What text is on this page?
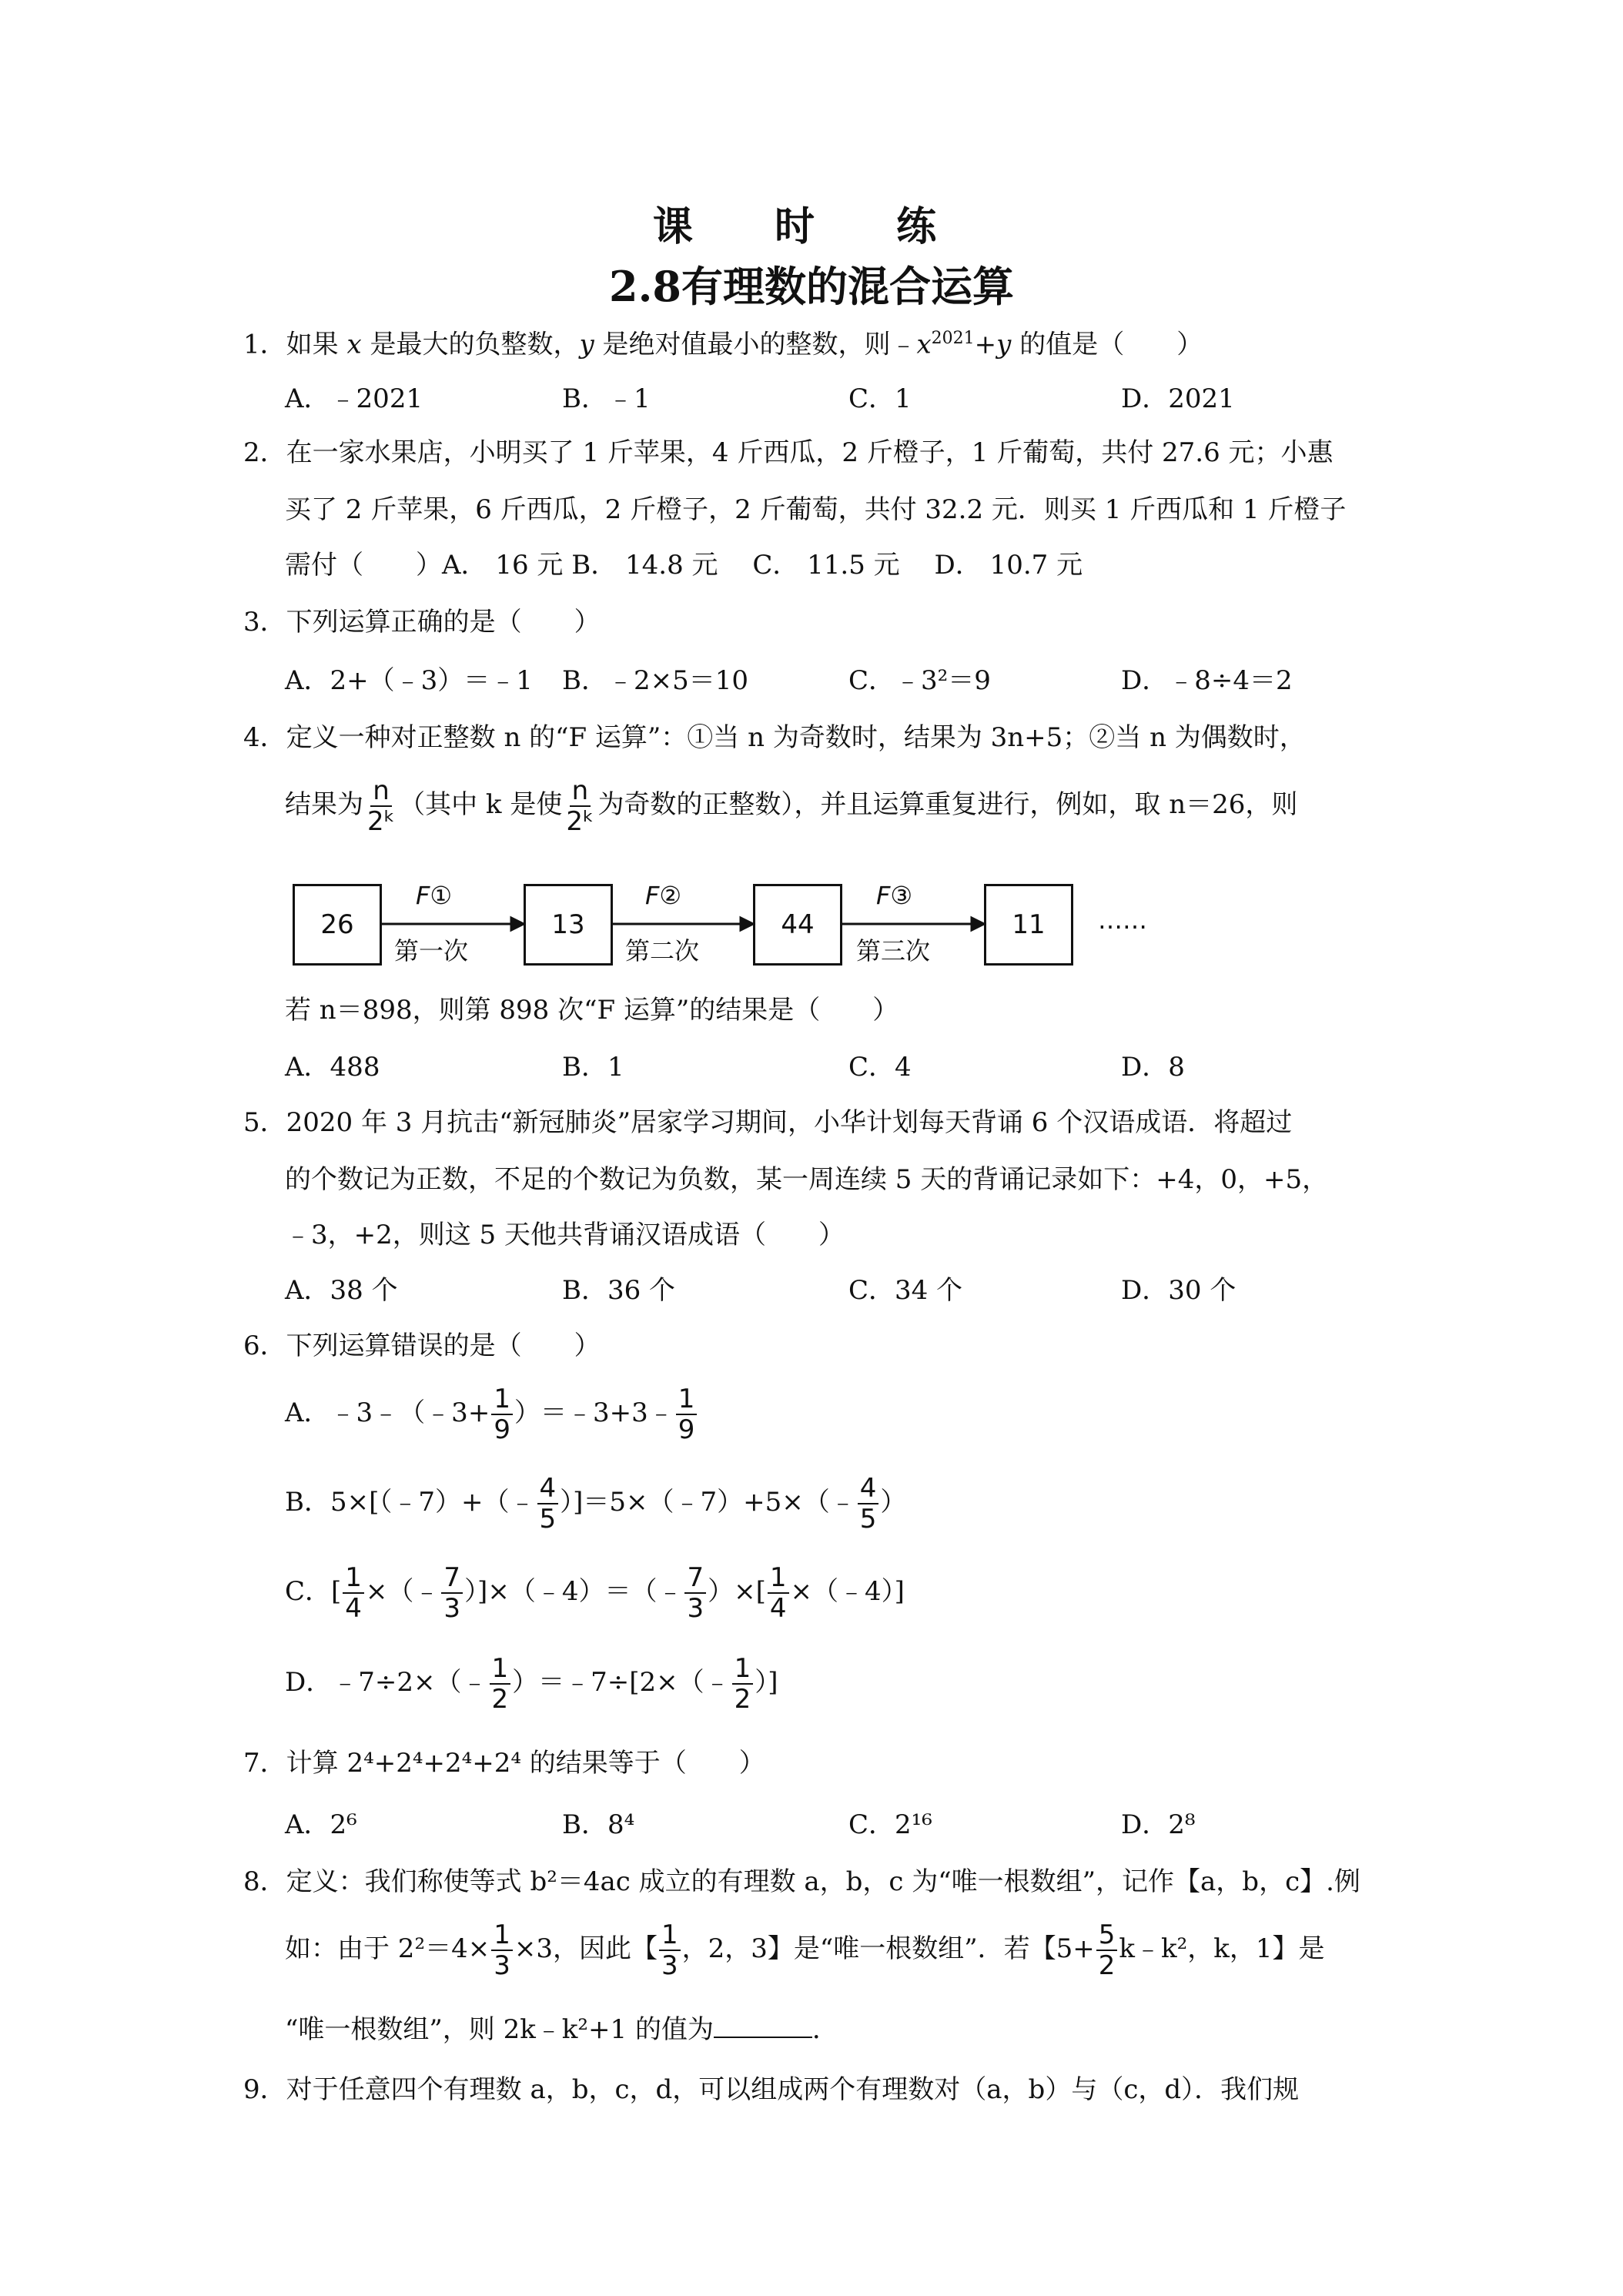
课 时 练
2.8有理数的混合运算
1．如果 x 是最大的负整数，y 是绝对值最小的整数，则$﹣x^{2021}+y$ 的值是（　　）
A．﹣2021	B．﹣1	C．1	D．2021
2．在一家水果店，小明买了 1 斤苹果，4 斤西瓜，2 斤橙子，1 斤葡萄，共付 27.6 元；小惠
买了 2 斤苹果，6 斤西瓜，2 斤橙子，2 斤葡萄，共付 32.2 元．则买 1 斤西瓜和 1 斤橙子
需付（　　）A． 16 元 B． 14.8 元　 C． 11.5 元　 D． 10.7 元
3．下列运算正确的是（　　）
A．2+（﹣3）＝﹣1 B．﹣2×5＝10	C．﹣3²＝9	D．﹣8÷4＝2
4．定义一种对正整数 n 的“F 运算”：①当 n 为奇数时，结果为 3n+5；②当 n 为偶数时，
结果为 $\frac{n}{\text{2ᵏ}}$ （其中 k 是使 $\frac{n}{\text{2ᵏ}}$ 为奇数的正整数），并且运算重复进行，例如，取 n＝26，则
26	13	44	11
F①	F②	F③
第一次	第二次	第三次
……
若 n＝898，则第 898 次“F 运算”的结果是（　　）
A．488	B．1	C．4	D．8
5．2020 年 3 月抗击“新冠肺炎”居家学习期间，小华计划每天背诵 6 个汉语成语．将超过
的个数记为正数，不足的个数记为负数，某一周连续 5 天的背诵记录如下：+4，0，+5，
﹣3，+2，则这 5 天他共背诵汉语成语（　　）
A．38 个	B．36 个	C．34 个	D．30 个
6．下列运算错误的是（　　）
A．﹣3﹣（﹣3+ $\frac{1}{9}$ ）＝﹣3+3﹣ $\frac{1}{9}$
B．5×[（﹣7）+（﹣ $\frac{4}{5}$ ）]＝5×（﹣7）+5×（﹣ $\frac{4}{5}$ ）
C．[ $\frac{1}{4}$ ×（﹣ $\frac{7}{3}$ ）]×（﹣4）＝（﹣ $\frac{7}{3}$ ）×[ $\frac{1}{4}$ ×（﹣4）]
D．﹣7÷2×（﹣ $\frac{1}{2}$ ）＝﹣7÷[2×（﹣ $\frac{1}{2}$ ）]
7．计算 2⁴+2⁴+2⁴+2⁴ 的结果等于（　　）
A．2⁶	B．8⁴	C．2¹⁶	D．2⁸
8．定义：我们称使等式 b²＝4ac 成立的有理数 a，b，c 为“唯一根数组”，记作【a，b，c】.例
如：由于 $2^2=4\times \frac{1}{3} \times 3$，因此【 $\frac{1}{3}$ ，2，3】是“唯一根数组”．若【$5+ \frac{5}{2}$ k﹣k²，k，1】是
“唯一根数组”，则 2k﹣k²+1 的值为	．
9．对于任意四个有理数 a，b，c，d，可以组成两个有理数对（a，b）与（c，d）．我们规
